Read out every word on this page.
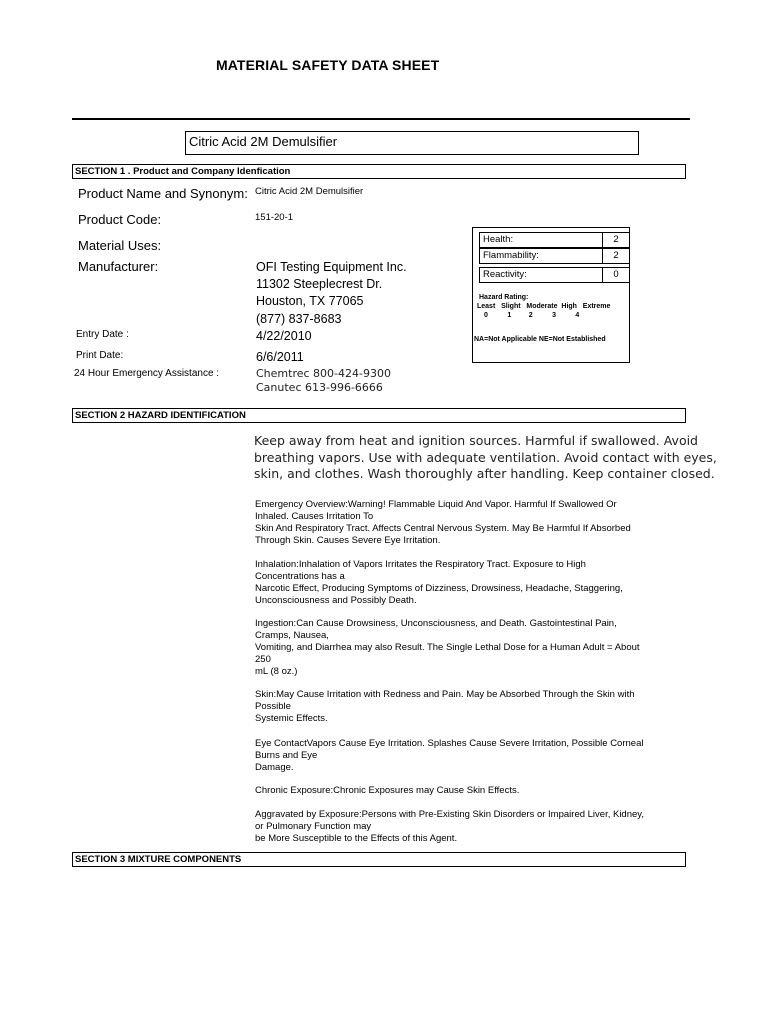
MATERIAL SAFETY DATA SHEET
Citric Acid 2M Demulsifier
SECTION 1 . Product and Company Idenfication
Product Name and Synonym: Citric Acid 2M Demulsifier
Product Code:	151-20-1
Material Uses:
Manufacturer:	OFI Testing Equipment Inc.
11302 Steeplecrest Dr.
Houston, TX 77065
(877) 837-8683
Entry Date :	4/22/2010
Print Date:	6/6/2011
24 Hour Emergency Assistance :	Chemtrec 800-424-9300
Canutec 613-996-6666
Health:	2
Flammability:	2
Reactivity:	0
Hazard Rating:
Least   Slight   Moderate  High   Extreme
0          1         2          3          4
NA=Not Applicable NE=Not Established
SECTION 2 HAZARD IDENTIFICATION
Keep away from heat and ignition sources. Harmful if swallowed. Avoid
breathing vapors. Use with adequate ventilation. Avoid contact with eyes,
skin, and clothes. Wash thoroughly after handling. Keep container closed.
Emergency Overview:Warning! Flammable Liquid And Vapor. Harmful If Swallowed Or
Inhaled. Causes Irritation To
Skin And Respiratory Tract. Affects Central Nervous System. May Be Harmful If Absorbed
Through Skin. Causes Severe Eye Irritation.
Inhalation:Inhalation of Vapors Irritates the Respiratory Tract. Exposure to High
Concentrations has a
Narcotic Effect, Producing Symptoms of Dizziness, Drowsiness, Headache, Staggering,
Unconsciousness and Possibly Death.
Ingestion:Can Cause Drowsiness, Unconsciousness, and Death. Gastointestinal Pain,
Cramps, Nausea,
Vomiting, and Diarrhea may also Result. The Single Lethal Dose for a Human Adult = About
250
mL (8 oz.)
Skin:May Cause Irritation with Redness and Pain. May be Absorbed Through the Skin with
Possible
Systemic Effects.
Eye ContactVapors Cause Eye Irritation. Splashes Cause Severe Irritation, Possible Corneal
Burns and Eye
Damage.
Chronic Exposure:Chronic Exposures may Cause Skin Effects.
Aggravated by Exposure:Persons with Pre-Existing Skin Disorders or Impaired Liver, Kidney,
or Pulmonary Function may
be More Susceptible to the Effects of this Agent.
SECTION 3 MIXTURE COMPONENTS
